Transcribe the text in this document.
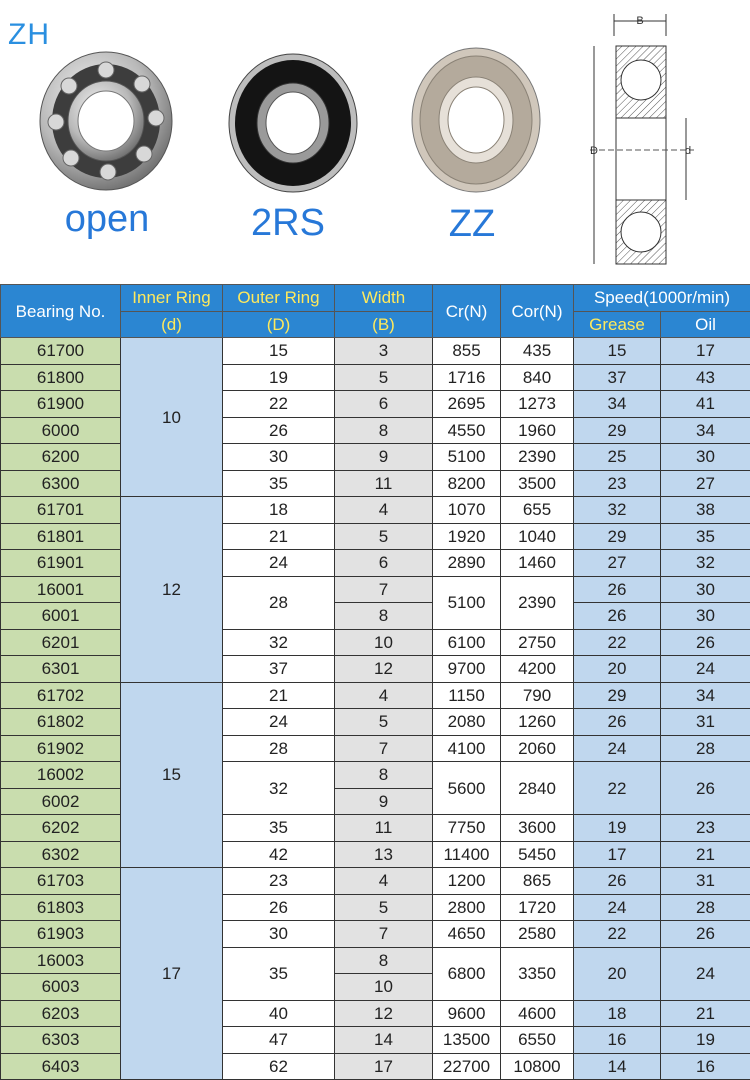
ZH
open	2RS	ZZ
B
D	d
Bearing No.	Inner Ring	Outer Ring	Width	Cr(N)	Cor(N)	Speed(1000r/min)	
	(d)	(D)	(B)			Grease	Oil
61700	10	15	3	855	435	15	17
61800		19	5	1716	840	37	43
61900		22	6	2695	1273	34	41
6000		26	8	4550	1960	29	34
6200		30	9	5100	2390	25	30
6300		35	11	8200	3500	23	27
61701	12	18	4	1070	655	32	38
61801		21	5	1920	1040	29	35
61901		24	6	2890	1460	27	32
16001		28	7	5100	2390	26	30
6001			8			26	30
6201		32	10	6100	2750	22	26
6301		37	12	9700	4200	20	24
61702	15	21	4	1150	790	29	34
61802		24	5	2080	1260	26	31
61902		28	7	4100	2060	24	28
16002		32	8	5600	2840	22	26
6002			9				
6202		35	11	7750	3600	19	23
6302		42	13	11400	5450	17	21
61703	17	23	4	1200	865	26	31
61803		26	5	2800	1720	24	28
61903		30	7	4650	2580	22	26
16003		35	8	6800	3350	20	24
6003			10				
6203		40	12	9600	4600	18	21
6303		47	14	13500	6550	16	19
6403		62	17	22700	10800	14	16
